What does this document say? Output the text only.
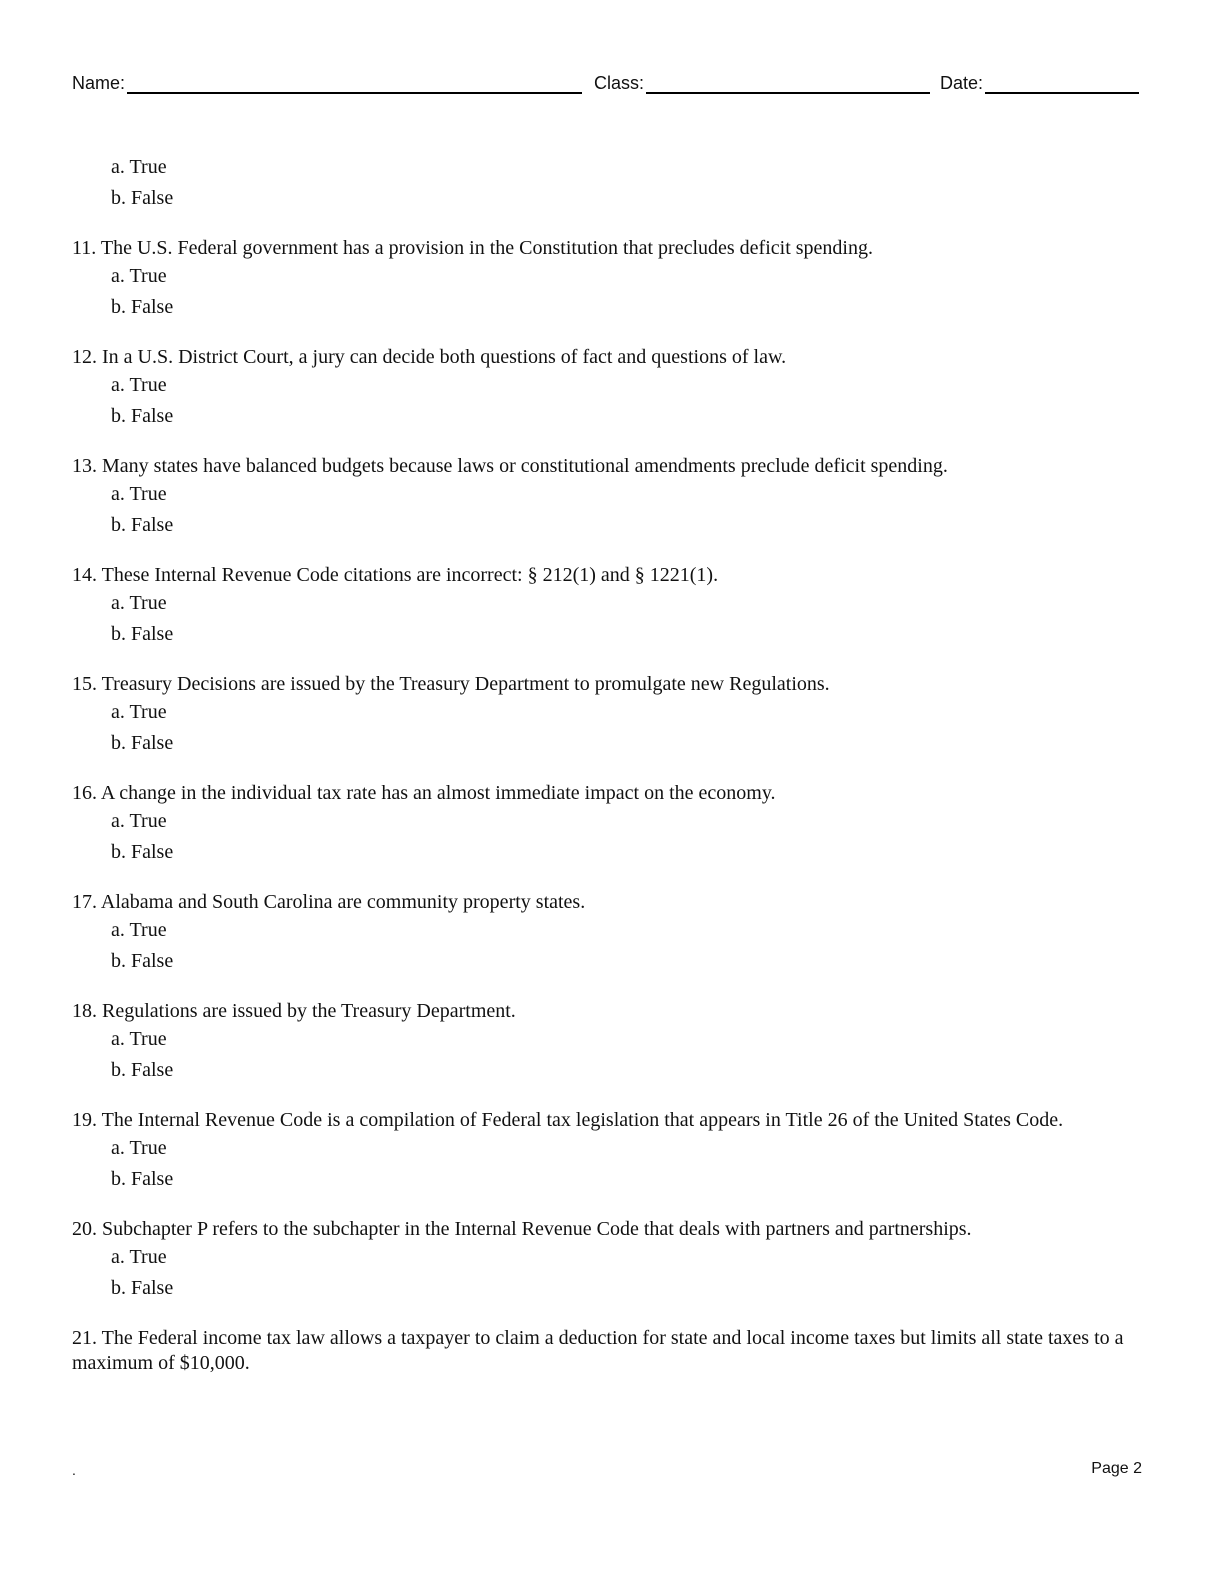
Name:	Class:	Date:
a. True
b. False
11. The U.S. Federal government has a provision in the Constitution that precludes deficit spending.
a. True
b. False
12. In a U.S. District Court, a jury can decide both questions of fact and questions of law.
a. True
b. False
13. Many states have balanced budgets because laws or constitutional amendments preclude deficit spending.
a. True
b. False
14. These Internal Revenue Code citations are incorrect: § 212(1) and § 1221(1).
a. True
b. False
15. Treasury Decisions are issued by the Treasury Department to promulgate new Regulations.
a. True
b. False
16. A change in the individual tax rate has an almost immediate impact on the economy.
a. True
b. False
17. Alabama and South Carolina are community property states.
a. True
b. False
18. Regulations are issued by the Treasury Department.
a. True
b. False
19. The Internal Revenue Code is a compilation of Federal tax legislation that appears in Title 26 of the United States Code.
a. True
b. False
20. Subchapter P refers to the subchapter in the Internal Revenue Code that deals with partners and partnerships.
a. True
b. False
21. The Federal income tax law allows a taxpayer to claim a deduction for state and local income taxes but limits all state taxes to a maximum of $10,000.
.	Page 2
